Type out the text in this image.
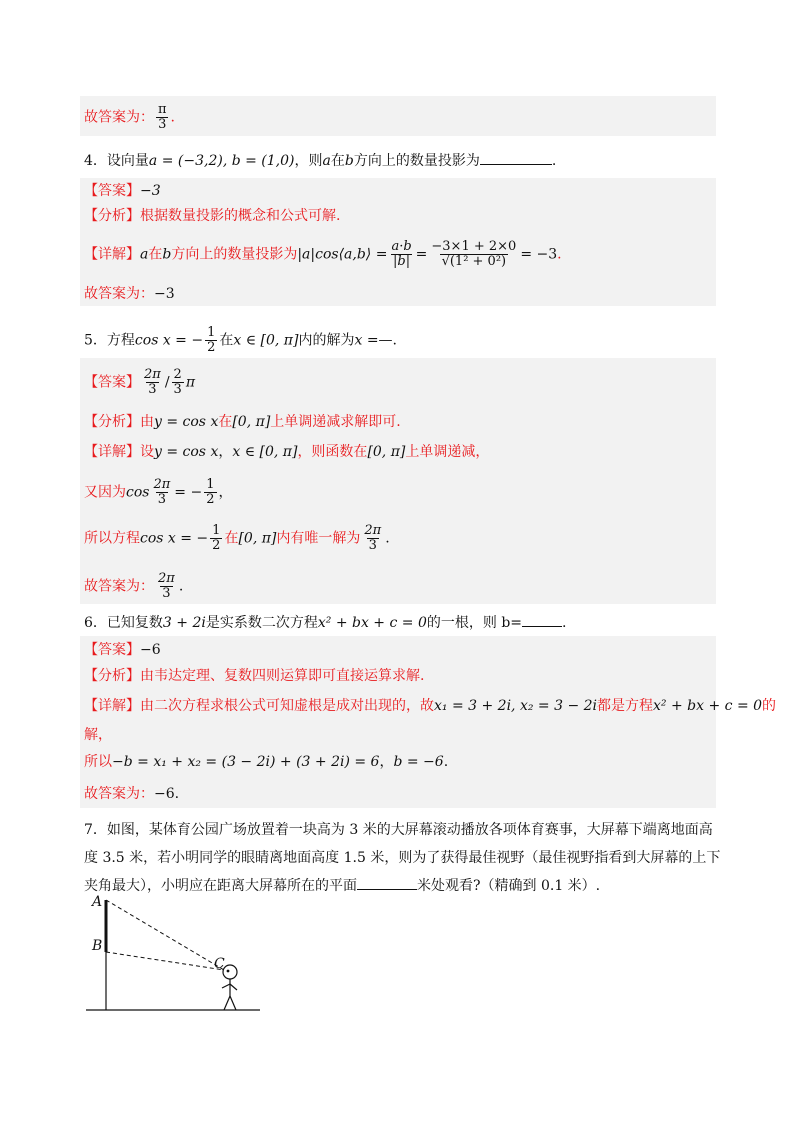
故答案为： $\frac{\pi}{3}$ .
4．设向量a = (−3,2), b = (1,0)，则a在b方向上的数量投影为	.
【答案】−3
【分析】根据数量投影的概念和公式可解.
【详解】a在b方向上的数量投影为|a|cos⟨a,b⟩ = $\frac{a\cdot b}{|b|} = \frac{-3\times 1 + 2\times 0}{\text{√(1² + 0²)}} = -3$.
故答案为：−3
5．方程cos x = − $\frac{1}{2}$ 在x ∈ [0, π]内的解为x =—.
【答案】 $\frac{2\pi}{3} / \frac{2}{3}$ π
【分析】由y = cos x在[0, π]上单调递减求解即可.
【详解】设y = cos x，x ∈ [0, π]，则函数在[0, π]上单调递减，
又因为$\cos \frac{2\pi}{3}$ = − $\frac{1}{2}$ ，
所以方程cos x = − $\frac{1}{2}$ 在[0, π]内有唯一解为 $\frac{2\pi}{3}$ .
故答案为： $\frac{2\pi}{3}$ .
6．已知复数3 + 2i是实系数二次方程x² + bx + c = 0的一根，则 b=	.
【答案】−6
【分析】由韦达定理、复数四则运算即可直接运算求解.
【详解】由二次方程求根公式可知虚根是成对出现的，故x₁ = 3 + 2i, x₂ = 3 − 2i都是方程x² + bx + c = 0的
解，
所以−b = x₁ + x₂ = (3 − 2i) + (3 + 2i) = 6，b = −6.
故答案为：−6.
7．如图，某体育公园广场放置着一块高为 3 米的大屏幕滚动播放各项体育赛事，大屏幕下端离地面高
度 3.5 米，若小明同学的眼睛离地面高度 1.5 米，则为了获得最佳视野（最佳视野指看到大屏幕的上下
夹角最大），小明应在距离大屏幕所在的平面	米处观看?（精确到 0.1 米）.
A
B
C
